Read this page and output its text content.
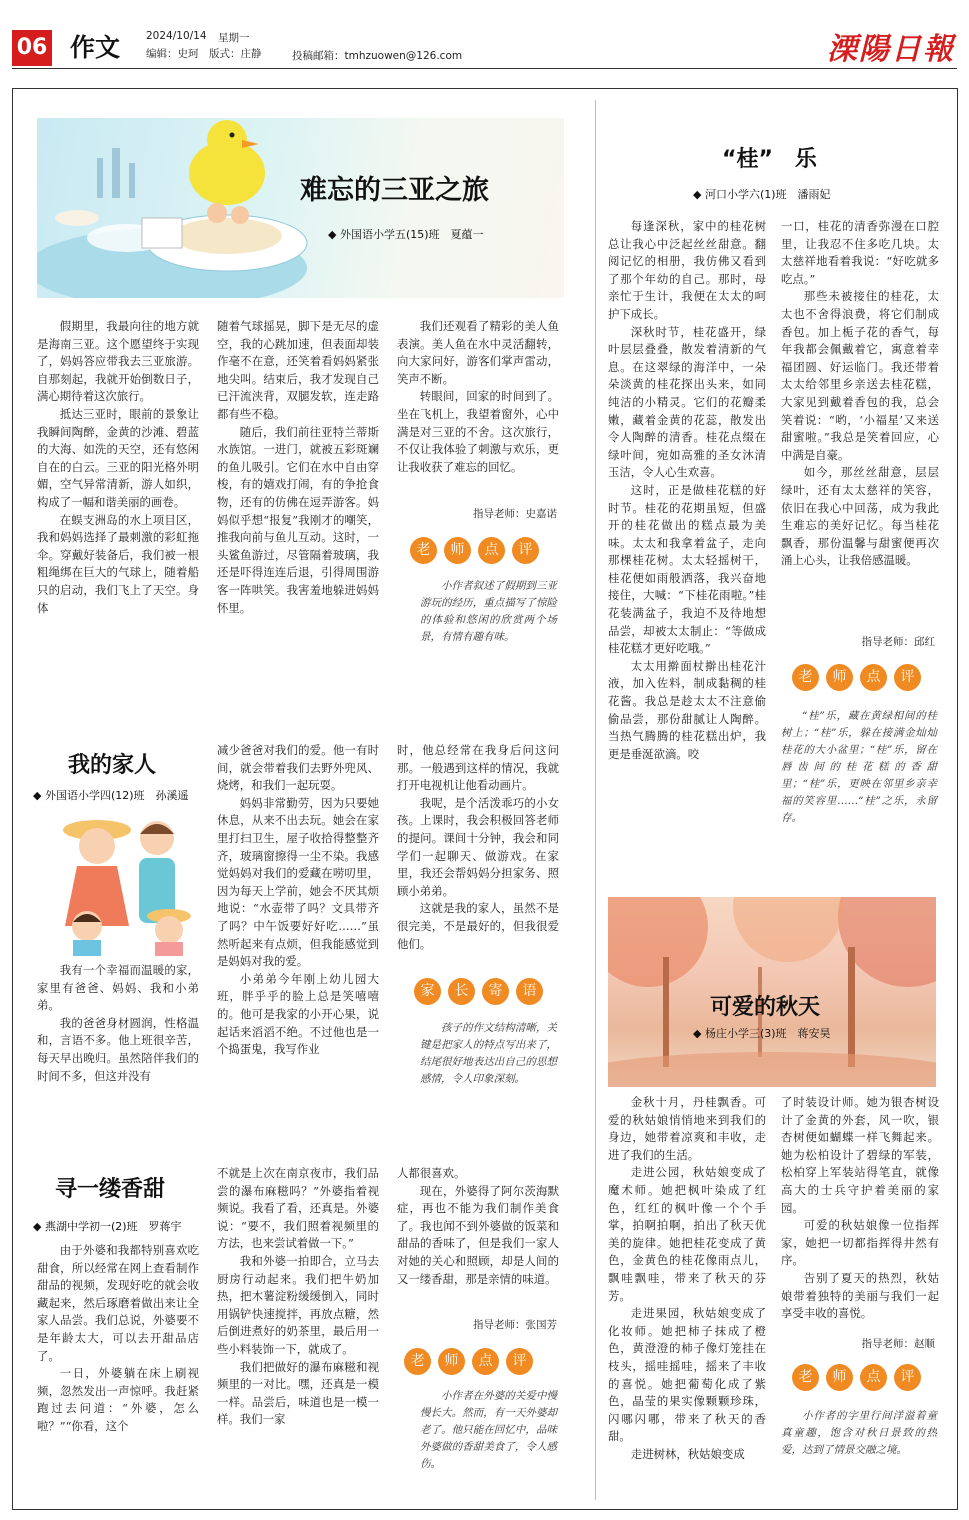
06 作文 2024/10/14 星期一
编辑：史珂　版式：庄静	投稿邮箱：tmhzuowen@126.com	溧陽日報
难忘的三亚之旅
◆ 外国语小学五(15)班　夏蕴一

假期里，我最向往的地方就是海南三亚。这个愿望终于实现了，妈妈答应带我去三亚旅游。自那刻起，我就开始倒数日子，满心期待着这次旅行。

抵达三亚时，眼前的景象让我瞬间陶醉，金黄的沙滩、碧蓝的大海、如洗的天空，还有悠闲自在的白云。三亚的阳光格外明媚，空气异常清新，游人如织，构成了一幅和谐美丽的画卷。

在蜈支洲岛的水上项目区，我和妈妈选择了最刺激的彩虹拖伞。穿戴好装备后，我们被一根粗绳绑在巨大的气球上，随着船只的启动，我们飞上了天空。身体

随着气球摇晃，脚下是无尽的虚空，我的心跳加速，但表面却装作毫不在意，还笑着看妈妈紧张地尖叫。结束后，我才发现自己已汗流浃背，双腿发软，连走路都有些不稳。

随后，我们前往亚特兰蒂斯水族馆。一进门，就被五彩斑斓的鱼儿吸引。它们在水中自由穿梭，有的嬉戏打闹，有的争抢食物，还有的仿佛在逗弄游客。妈妈似乎想“报复”我刚才的嘲笑，推我向前与鱼儿互动。这时，一头鲨鱼游过，尽管隔着玻璃，我还是吓得连连后退，引得周围游客一阵哄笑。我害羞地躲进妈妈怀里。

我们还观看了精彩的美人鱼表演。美人鱼在水中灵活翻转，向大家问好，游客们掌声雷动，笑声不断。

转眼间，回家的时间到了。坐在飞机上，我望着窗外，心中满是对三亚的不舍。这次旅行，不仅让我体验了刺激与欢乐，更让我收获了难忘的回忆。

指导老师：史嘉诺
老	师	点	评
小作者叙述了假期到三亚游玩的经历，重点描写了惊险的体验和悠闲的欣赏两个场景，有情有趣有味。
我的家人
◆ 外国语小学四(12)班　孙溪遥

我有一个幸福而温暖的家，家里有爸爸、妈妈、我和小弟弟。

我的爸爸身材圆润，性格温和，言语不多。他上班很辛苦，每天早出晚归。虽然陪伴我们的时间不多，但这并没有

减少爸爸对我们的爱。他一有时间，就会带着我们去野外兜风、烧烤，和我们一起玩耍。

妈妈非常勤劳，因为只要她休息，从来不出去玩。她会在家里打扫卫生，屋子收拾得整整齐齐，玻璃窗擦得一尘不染。我感觉妈妈对我们的爱藏在唠叨里，因为每天上学前，她会不厌其烦地说：“水壶带了吗？文具带齐了吗？中午饭要好好吃……”虽然听起来有点烦，但我能感觉到是妈妈对我的爱。

小弟弟今年刚上幼儿园大班，胖乎乎的脸上总是笑嘻嘻的。他可是我家的小开心果，说起话来滔滔不绝。不过他也是一个捣蛋鬼，我写作业

时，他总经常在我身后问这问那。一般遇到这样的情况，我就打开电视机让他看动画片。

我呢，是个活泼乖巧的小女孩。上课时，我会积极回答老师的提问。课间十分钟，我会和同学们一起聊天、做游戏。在家里，我还会帮妈妈分担家务、照顾小弟弟。

这就是我的家人，虽然不是很完美，不是最好的，但我很爱他们。

家	长	寄	语
孩子的作文结构清晰，关键是把家人的特点写出来了，结尾很好地表达出自己的思想感情，令人印象深刻。
寻一缕香甜
◆ 燕湖中学初一(2)班　罗蒋宇

由于外婆和我都特别喜欢吃甜食，所以经常在网上查看制作甜品的视频，发现好吃的就会收藏起来，然后琢磨着做出来让全家人品尝。我们总说，外婆要不是年龄太大，可以去开甜品店了。

一日，外婆躺在床上刷视频，忽然发出一声惊呼。我赶紧跑过去问道：“外婆，怎么啦？”“你看，这个

不就是上次在南京夜市，我们品尝的瀑布麻糍吗？”外婆指着视频说。我看了看，还真是。外婆说：“要不，我们照着视频里的方法，也来尝试着做一下。”

我和外婆一拍即合，立马去厨房行动起来。我们把牛奶加热，把木薯淀粉缓缓倒入，同时用锅铲快速搅拌，再放点糖，然后倒进煮好的奶茶里，最后用一些小料装饰一下，就成了。

我们把做好的瀑布麻糍和视频里的一对比。嘿，还真是一模一样。品尝后，味道也是一模一样。我们一家

人都很喜欢。

现在，外婆得了阿尔茨海默症，再也不能为我们制作美食了。我也闻不到外婆做的饭菜和甜品的香味了，但是我们一家人对她的关心和照顾，却是人间的又一缕香甜，那是亲情的味道。

指导老师：张国芳
老	师	点	评
小作者在外婆的关爱中慢慢长大。然而，有一天外婆却老了。他只能在回忆中，品味外婆做的香甜美食了，令人感伤。
“桂”　乐
◆ 河口小学六(1)班　潘雨妃

每逢深秋，家中的桂花树总让我心中泛起丝丝甜意。翻阅记忆的相册，我仿佛又看到了那个年幼的自己。那时，母亲忙于生计，我便在太太的呵护下成长。

深秋时节，桂花盛开，绿叶层层叠叠，散发着清新的气息。在这翠绿的海洋中，一朵朵淡黄的桂花探出头来，如同纯洁的小精灵。它们的花瓣柔嫩，藏着金黄的花蕊，散发出令人陶醉的清香。桂花点缀在绿叶间，宛如高雅的圣女沐清玉洁，令人心生欢喜。

这时，正是做桂花糕的好时节。桂花的花期虽短，但盛开的桂花做出的糕点最为美味。太太和我拿着盆子，走向那棵桂花树。太太轻摇树干，桂花便如雨般洒落，我兴奋地接住，大喊：“下桂花雨啦。”桂花装满盆子，我迫不及待地想品尝，却被太太制止：“等做成桂花糕才更好吃哦。”

太太用擀面杖擀出桂花汁液，加入佐料，制成黏稠的桂花酱。我总是趁太太不注意偷偷品尝，那份甜腻让人陶醉。当热气腾腾的桂花糕出炉，我更是垂涎欲滴。咬

一口，桂花的清香弥漫在口腔里，让我忍不住多吃几块。太太慈祥地看着我说：“好吃就多吃点。”

那些未被接住的桂花，太太也不舍得浪费，将它们制成香包。加上栀子花的香气，每年我都会佩戴着它，寓意着幸福团圆、好运临门。我还带着太太给邻里乡亲送去桂花糕，大家见到戴着香包的我，总会笑着说：“哟，‘小福星’又来送甜蜜啦。”我总是笑着回应，心中满是自豪。

如今，那丝丝甜意，层层绿叶，还有太太慈祥的笑容，依旧在我心中回荡，成为我此生难忘的美好记忆。每当桂花飘香，那份温馨与甜蜜便再次涌上心头，让我倍感温暖。

指导老师：邱红
老	师	点	评
“桂”乐，藏在黄绿相间的桂树上；“桂”乐，躲在接满金灿灿桂花的大小盆里；“桂”乐，留在唇齿间的桂花糕的香甜里；“桂”乐，更映在邻里乡亲幸福的笑容里……“桂”之乐，永留存。
可爱的秋天
◆ 杨庄小学三(3)班　蒋安昊

金秋十月，丹桂飘香。可爱的秋姑娘悄悄地来到我们的身边，她带着凉爽和丰收，走进了我们的生活。

走进公园，秋姑娘变成了魔术师。她把枫叶染成了红色，红红的枫叶像一个个手掌，拍啊拍啊，拍出了秋天优美的旋律。她把桂花变成了黄色，金黄色的桂花像雨点儿，飘哇飘哇，带来了秋天的芬芳。

走进果园，秋姑娘变成了化妆师。她把柿子抹成了橙色，黄澄澄的柿子像灯笼挂在枝头，摇哇摇哇，摇来了丰收的喜悦。她把葡萄化成了紫色，晶莹的果实像颗颗珍珠，闪哪闪哪，带来了秋天的香甜。

走进树林，秋姑娘变成

了时装设计师。她为银杏树设计了金黄的外套，风一吹，银杏树便如蝴蝶一样飞舞起来。她为松柏设计了碧绿的军装，松柏穿上军装站得笔直，就像高大的士兵守护着美丽的家园。

可爱的秋姑娘像一位指挥家，她把一切都指挥得井然有序。

告别了夏天的热烈，秋姑娘带着独特的美丽与我们一起享受丰收的喜悦。

指导老师：赵顺
老	师	点	评
小作者的字里行间洋溢着童真童趣，饱含对秋日景致的热爱，达到了情景交融之境。
